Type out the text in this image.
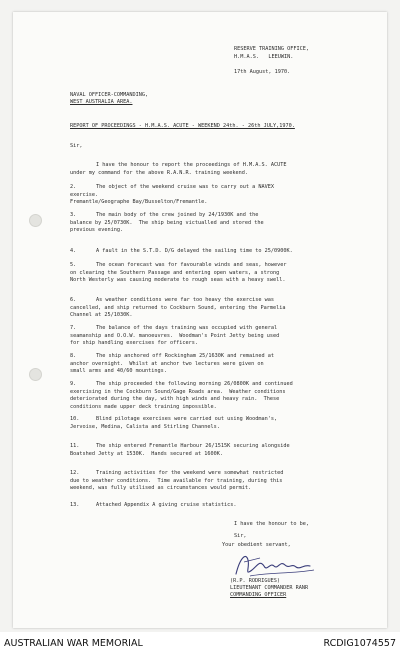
RESERVE TRAINING OFFICE,
H.M.A.S.   LEEUWIN.
17th August, 1970.
NAVAL OFFICER-COMMANDING,
WEST AUSTRALIA AREA.
REPORT OF PROCEEDINGS - H.M.A.S. ACUTE - WEEKEND 24th. - 26th JULY,1970.
Sir,
I have the honour to report the proceedings of H.M.A.S. ACUTE
under my command for the above R.A.N.R. training weekend.
2.	The object of the weekend cruise was to carry out a NAVEX
exercise.
Fremantle/Geographe Bay/Busselton/Fremantle.
3.	The main body of the crew joined by 24/1930K and the
balance by 25/0730K.  The ship being victualled and stored the
previous evening.
4.	A fault in the S.T.D. D/G delayed the sailing time to 25/0900K.
5.	The ocean forecast was for favourable winds and seas, however
on clearing the Southern Passage and entering open waters, a strong
North Westerly was causing moderate to rough seas with a heavy swell.
6.	As weather conditions were far too heavy the exercise was
cancelled, and ship returned to Cockburn Sound, entering the Parmelia
Channel at 25/1030K.
7.	The balance of the days training was occupied with general
seamanship and O.O.W. manoeuvres.  Woodman's Point Jetty being used
for ship handling exercises for officers.
8.	The ship anchored off Rockingham 25/1630K and remained at
anchor overnight.  Whilst at anchor two lectures were given on
small arms and 40/60 mountings.
9.	The ship proceeded the following morning 26/0800K and continued
exercising in the Cockburn Sound/Gage Roads area.  Weather conditions
deteriorated during the day, with high winds and heavy rain.  These
conditions made upper deck training impossible.
10.	Blind pilotage exercises were carried out using Woodman's,
Jervoise, Medina, Calista and Stirling Channels.
11.	The ship entered Fremantle Harbour 26/1515K securing alongside
Boatshed Jetty at 1530K.  Hands secured at 1600K.
12.	Training activities for the weekend were somewhat restricted
due to weather conditions.  Time available for training, during this
weekend, was fully utilised as circumstances would permit.
13.	Attached Appendix A giving cruise statistics.
I have the honour to be,
Sir,
Your obedient servant,
(R.P. RODRIGUES)
LIEUTENANT COMMANDER RANR
COMMANDING OFFICER
AUSTRALIAN WAR MEMORIAL	RCDIG1074557
